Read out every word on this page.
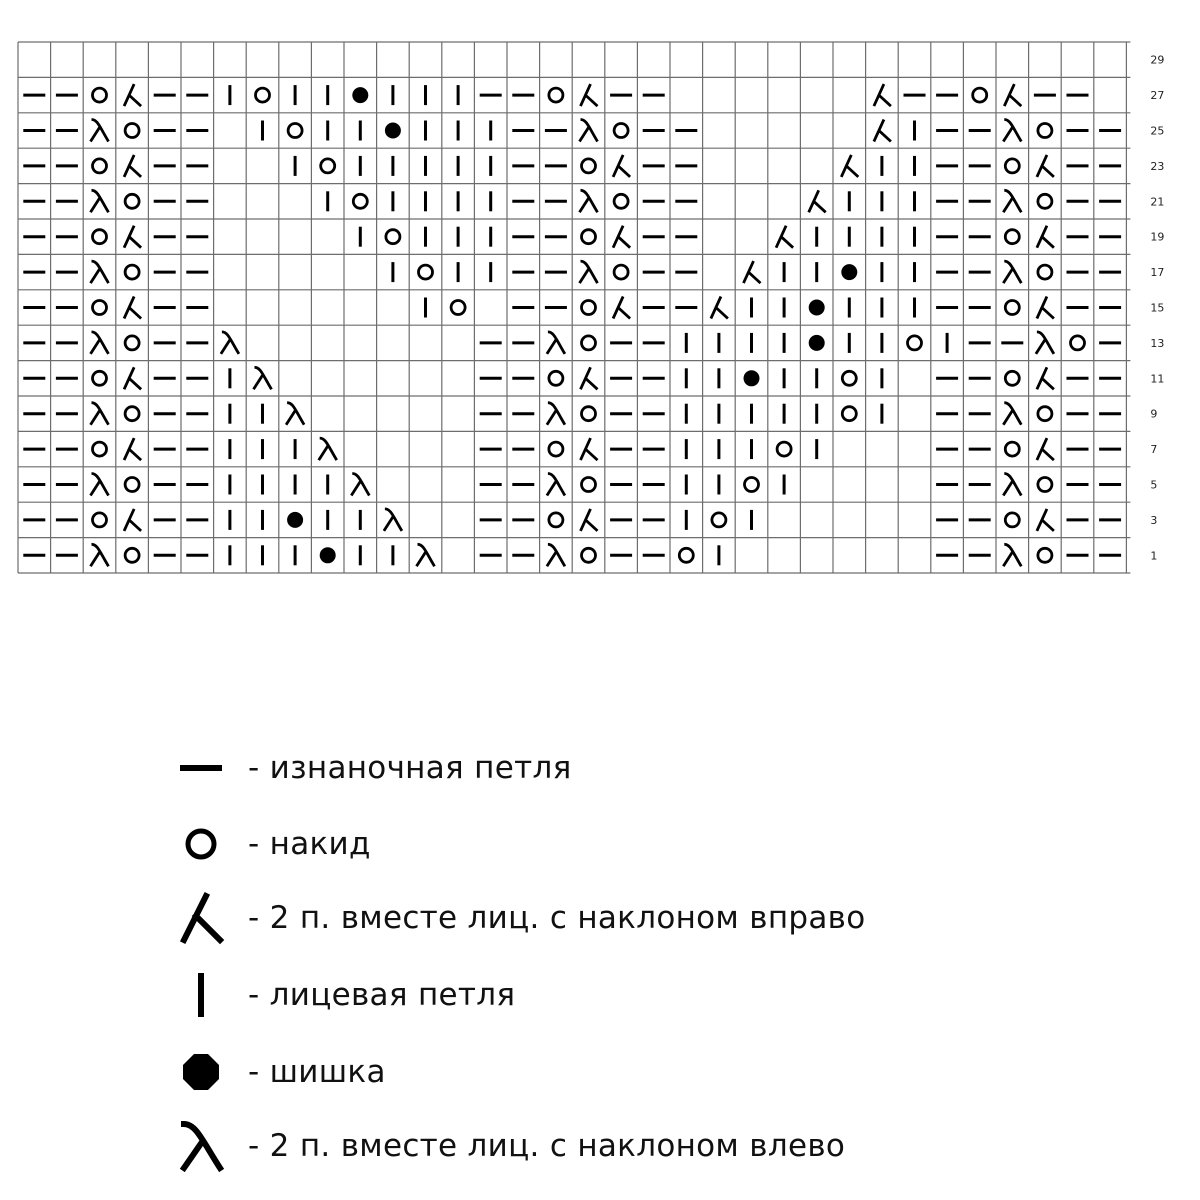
29
27
25
23
21
19
17
15
13
11
9
7
5
3
1
- изнаночная петля
- накид
- 2 п. вместе лиц. с наклоном вправо
- лицевая петля
- шишка
- 2 п. вместе лиц. с наклоном влево
